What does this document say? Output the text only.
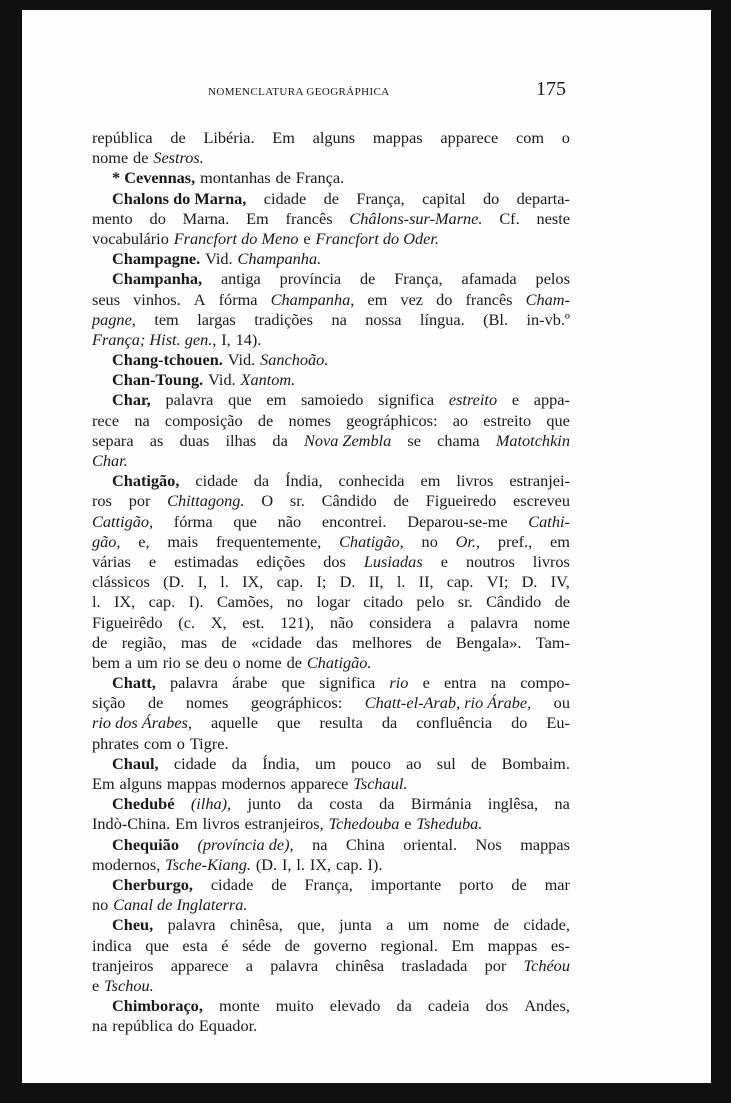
NOMENCLATURA GEOGRÁPHICA	175
república de Libéria. Em alguns mappas apparece com o
nome de Sestros.
* Cevennas, montanhas de França.
Chalons do Marna, cidade de França, capital do departa-
mento do Marna. Em francês Châlons-sur-Marne. Cf. neste
vocabulário Francfort do Meno e Francfort do Oder.
Champagne. Vid. Champanha.
Champanha, antiga província de França, afamada pelos
seus vinhos. A fórma Champanha, em vez do francês Cham-
pagne, tem largas tradições na nossa língua. (Bl. in-vb.º
França; Hist. gen., I, 14).
Chang-tchouen. Vid. Sanchoão.
Chan-Toung. Vid. Xantom.
Char, palavra que em samoiedo significa estreito e appa-
rece na composição de nomes geográphicos: ao estreito que
separa as duas ilhas da Nova Zembla se chama Matotchkin
Char.
Chatigão, cidade da Índia, conhecida em livros estranjei-
ros por Chittagong. O sr. Cândido de Figueiredo escreveu
Cattigão, fórma que não encontrei. Deparou-se-me Cathi-
gão, e, mais frequentemente, Chatigão, no Or., pref., em
várias e estimadas edições dos Lusiadas e noutros livros
clássicos (D. I, l. IX, cap. I; D. II, l. II, cap. VI; D. IV,
l. IX, cap. I). Camões, no logar citado pelo sr. Cândido de
Figueirêdo (c. X, est. 121), não considera a palavra nome
de região, mas de «cidade das melhores de Bengala». Tam-
bem a um rio se deu o nome de Chatigão.
Chatt, palavra árabe que significa rio e entra na compo-
sição de nomes geográphicos: Chatt-el-Arab, rio Árabe, ou
rio dos Árabes, aquelle que resulta da confluência do Eu-
phrates com o Tigre.
Chaul, cidade da Índia, um pouco ao sul de Bombaim.
Em alguns mappas modernos apparece Tschaul.
Chedubé (ilha), junto da costa da Birmánia inglêsa, na
Indò-China. Em livros estranjeiros, Tchedouba e Tsheduba.
Chequião (província de), na China oriental. Nos mappas
modernos, Tsche-Kiang. (D. I, l. IX, cap. I).
Cherburgo, cidade de França, importante porto de mar
no Canal de Inglaterra.
Cheu, palavra chinêsa, que, junta a um nome de cidade,
indica que esta é séde de governo regional. Em mappas es-
tranjeiros apparece a palavra chinêsa trasladada por Tchéou
e Tschou.
Chimboraço, monte muito elevado da cadeia dos Andes,
na república do Equador.
